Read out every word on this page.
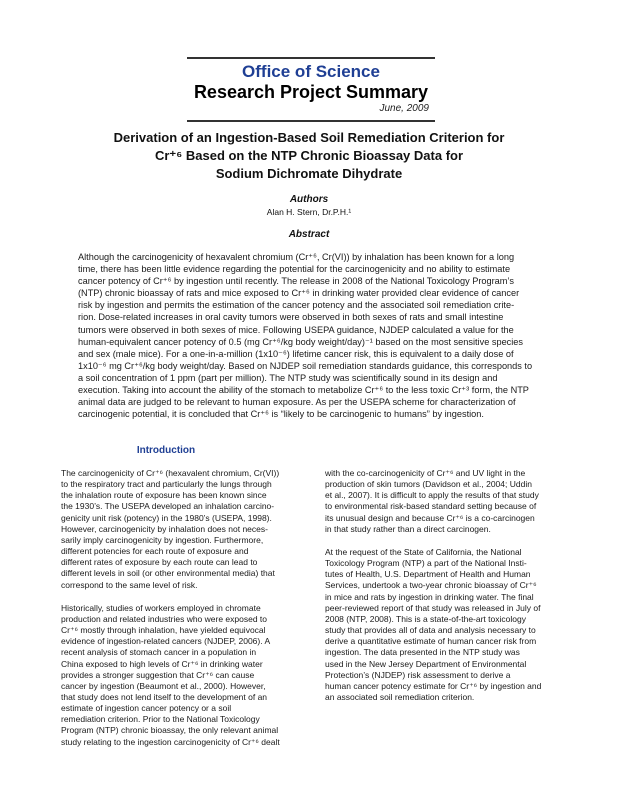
Office of Science
Research Project Summary
June, 2009
Derivation of an Ingestion-Based Soil Remediation Criterion for
Cr⁺⁶ Based on the NTP Chronic Bioassay Data for
Sodium Dichromate Dihydrate
Authors
Alan H. Stern, Dr.P.H.¹
Abstract
Although the carcinogenicity of hexavalent chromium (Cr⁺⁶, Cr(VI)) by inhalation has been known for a long
time, there has been little evidence regarding the potential for the carcinogenicity and no ability to estimate
cancer potency of Cr⁺⁶ by ingestion until recently. The release in 2008 of the National Toxicology Program’s
(NTP) chronic bioassay of rats and mice exposed to Cr⁺⁶ in drinking water provided clear evidence of cancer
risk by ingestion and permits the estimation of the cancer potency and the associated soil remediation crite-
rion. Dose-related increases in oral cavity tumors were observed in both sexes of rats and small intestine
tumors were observed in both sexes of mice. Following USEPA guidance, NJDEP calculated a value for the
human-equivalent cancer potency of 0.5 (mg Cr⁺⁶/kg body weight/day)⁻¹ based on the most sensitive species
and sex (male mice). For a one-in-a-million (1x10⁻⁶) lifetime cancer risk, this is equivalent to a daily dose of
1x10⁻⁶ mg Cr⁺⁶/kg body weight/day. Based on NJDEP soil remediation standards guidance, this corresponds to
a soil concentration of 1 ppm (part per million). The NTP study was scientifically sound in its design and
execution. Taking into account the ability of the stomach to metabolize Cr⁺⁶ to the less toxic Cr⁺³ form, the NTP
animal data are judged to be relevant to human exposure. As per the USEPA scheme for characterization of
carcinogenic potential, it is concluded that Cr⁺⁶ is “likely to be carcinogenic to humans” by ingestion.
Introduction

The carcinogenicity of Cr⁺⁶ (hexavalent chromium, Cr(VI))
to the respiratory tract and particularly the lungs through
the inhalation route of exposure has been known since
the 1930’s. The USEPA developed an inhalation carcino-
genicity unit risk (potency) in the 1980’s (USEPA, 1998).
However, carcinogenicity by inhalation does not neces-
sarily imply carcinogenicity by ingestion. Furthermore,
different potencies for each route of exposure and
different rates of exposure by each route can lead to
different levels in soil (or other environmental media) that
correspond to the same level of risk.

Historically, studies of workers employed in chromate
production and related industries who were exposed to
Cr⁺⁶ mostly through inhalation, have yielded equivocal
evidence of ingestion-related cancers (NJDEP, 2006). A
recent analysis of stomach cancer in a population in
China exposed to high levels of Cr⁺⁶ in drinking water
provides a stronger suggestion that Cr⁺⁶ can cause
cancer by ingestion (Beaumont et al., 2000). However,
that study does not lend itself to the development of an
estimate of ingestion cancer potency or a soil
remediation criterion. Prior to the National Toxicology
Program (NTP) chronic bioassay, the only relevant animal
study relating to the ingestion carcinogenicity of Cr⁺⁶ dealt

with the co-carcinogenicity of Cr⁺⁶ and UV light in the
production of skin tumors (Davidson et al., 2004; Uddin
et al., 2007). It is difficult to apply the results of that study
to environmental risk-based standard setting because of
its unusual design and because Cr⁺⁶ is a co-carcinogen
in that study rather than a direct carcinogen.

At the request of the State of California, the National
Toxicology Program (NTP) a part of the National Insti-
tutes of Health, U.S. Department of Health and Human
Services, undertook a two-year chronic bioassay of Cr⁺⁶
in mice and rats by ingestion in drinking water. The final
peer-reviewed report of that study was released in July of
2008 (NTP, 2008). This is a state-of-the-art toxicology
study that provides all of data and analysis necessary to
derive a quantitative estimate of human cancer risk from
ingestion. The data presented in the NTP study was
used in the New Jersey Department of Environmental
Protection’s (NJDEP) risk assessment to derive a
human cancer potency estimate for Cr⁺⁶ by ingestion and
an associated soil remediation criterion.
